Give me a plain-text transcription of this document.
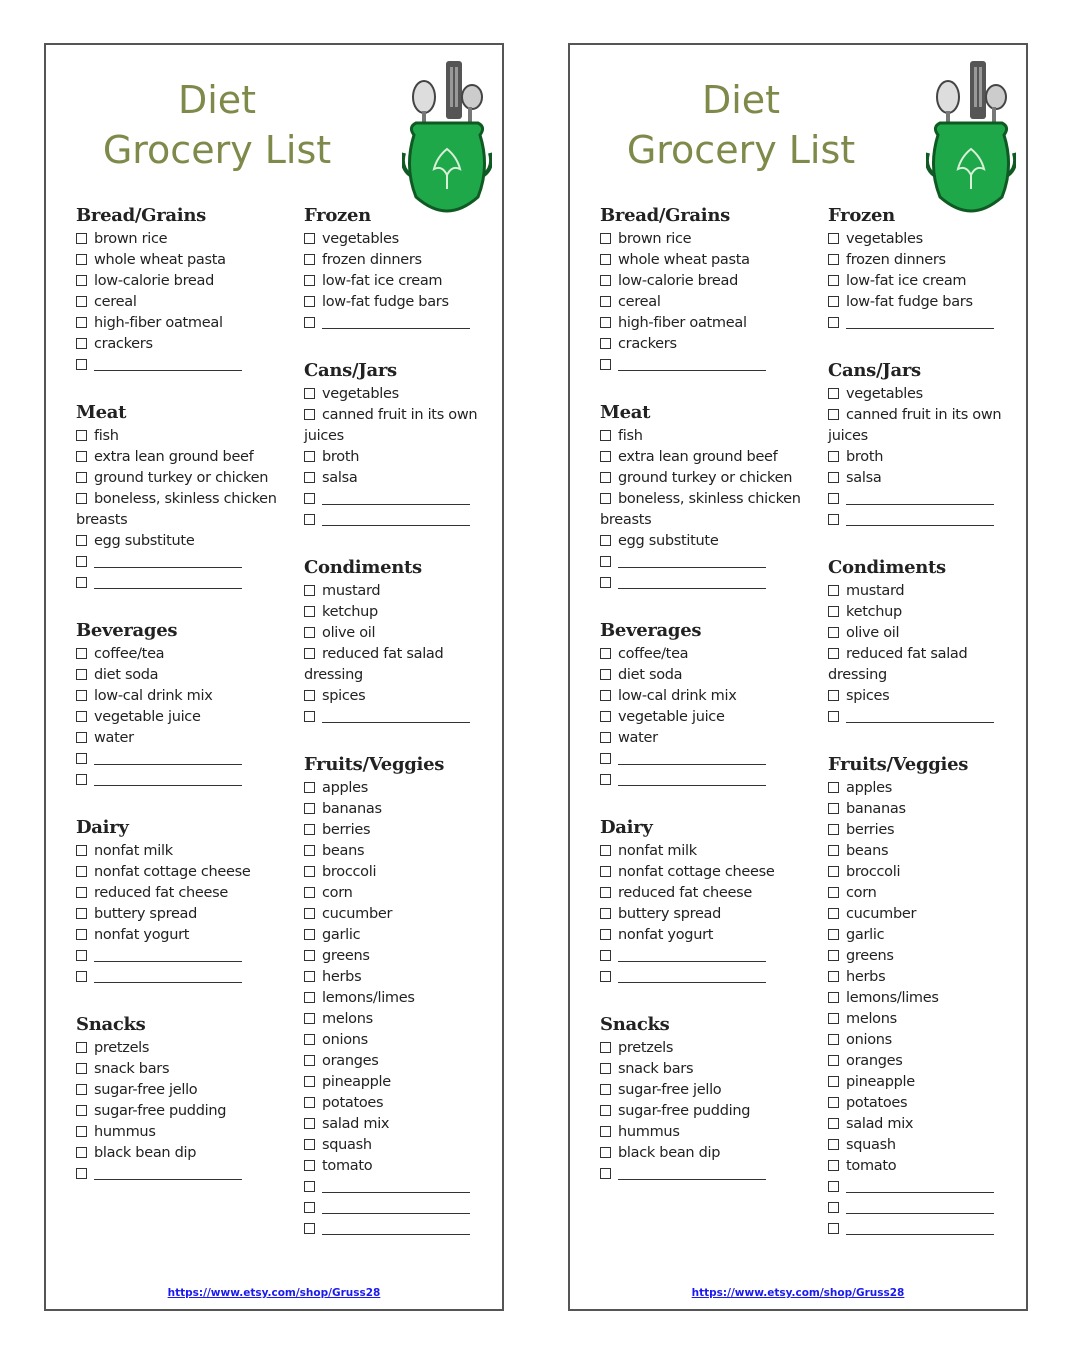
Diet
Grocery List
Bread/Grains
brown rice
whole wheat pasta
low-calorie bread
cereal
high-fiber oatmeal
crackers
Meat
fish
extra lean ground beef
ground turkey or chicken
boneless, skinless chicken breasts
egg substitute
Beverages
coffee/tea
diet soda
low-cal drink mix
vegetable juice
water
Dairy
nonfat milk
nonfat cottage cheese
reduced fat cheese
buttery spread
nonfat yogurt
Snacks
pretzels
snack bars
sugar-free jello
sugar-free pudding
hummus
black bean dip
Frozen
vegetables
frozen dinners
low-fat ice cream
low-fat fudge bars
Cans/Jars
vegetables
canned fruit in its own juices
broth
salsa
Condiments
mustard
ketchup
olive oil
reduced fat salad dressing
spices
Fruits/Veggies
apples
bananas
berries
beans
broccoli
corn
cucumber
garlic
greens
herbs
lemons/limes
melons
onions
oranges
pineapple
potatoes
salad mix
squash
tomato
https://www.etsy.com/shop/Gruss28
Diet
Grocery List
Bread/Grains
brown rice
whole wheat pasta
low-calorie bread
cereal
high-fiber oatmeal
crackers
Meat
fish
extra lean ground beef
ground turkey or chicken
boneless, skinless chicken breasts
egg substitute
Beverages
coffee/tea
diet soda
low-cal drink mix
vegetable juice
water
Dairy
nonfat milk
nonfat cottage cheese
reduced fat cheese
buttery spread
nonfat yogurt
Snacks
pretzels
snack bars
sugar-free jello
sugar-free pudding
hummus
black bean dip
Frozen
vegetables
frozen dinners
low-fat ice cream
low-fat fudge bars
Cans/Jars
vegetables
canned fruit in its own juices
broth
salsa
Condiments
mustard
ketchup
olive oil
reduced fat salad dressing
spices
Fruits/Veggies
apples
bananas
berries
beans
broccoli
corn
cucumber
garlic
greens
herbs
lemons/limes
melons
onions
oranges
pineapple
potatoes
salad mix
squash
tomato
https://www.etsy.com/shop/Gruss28
